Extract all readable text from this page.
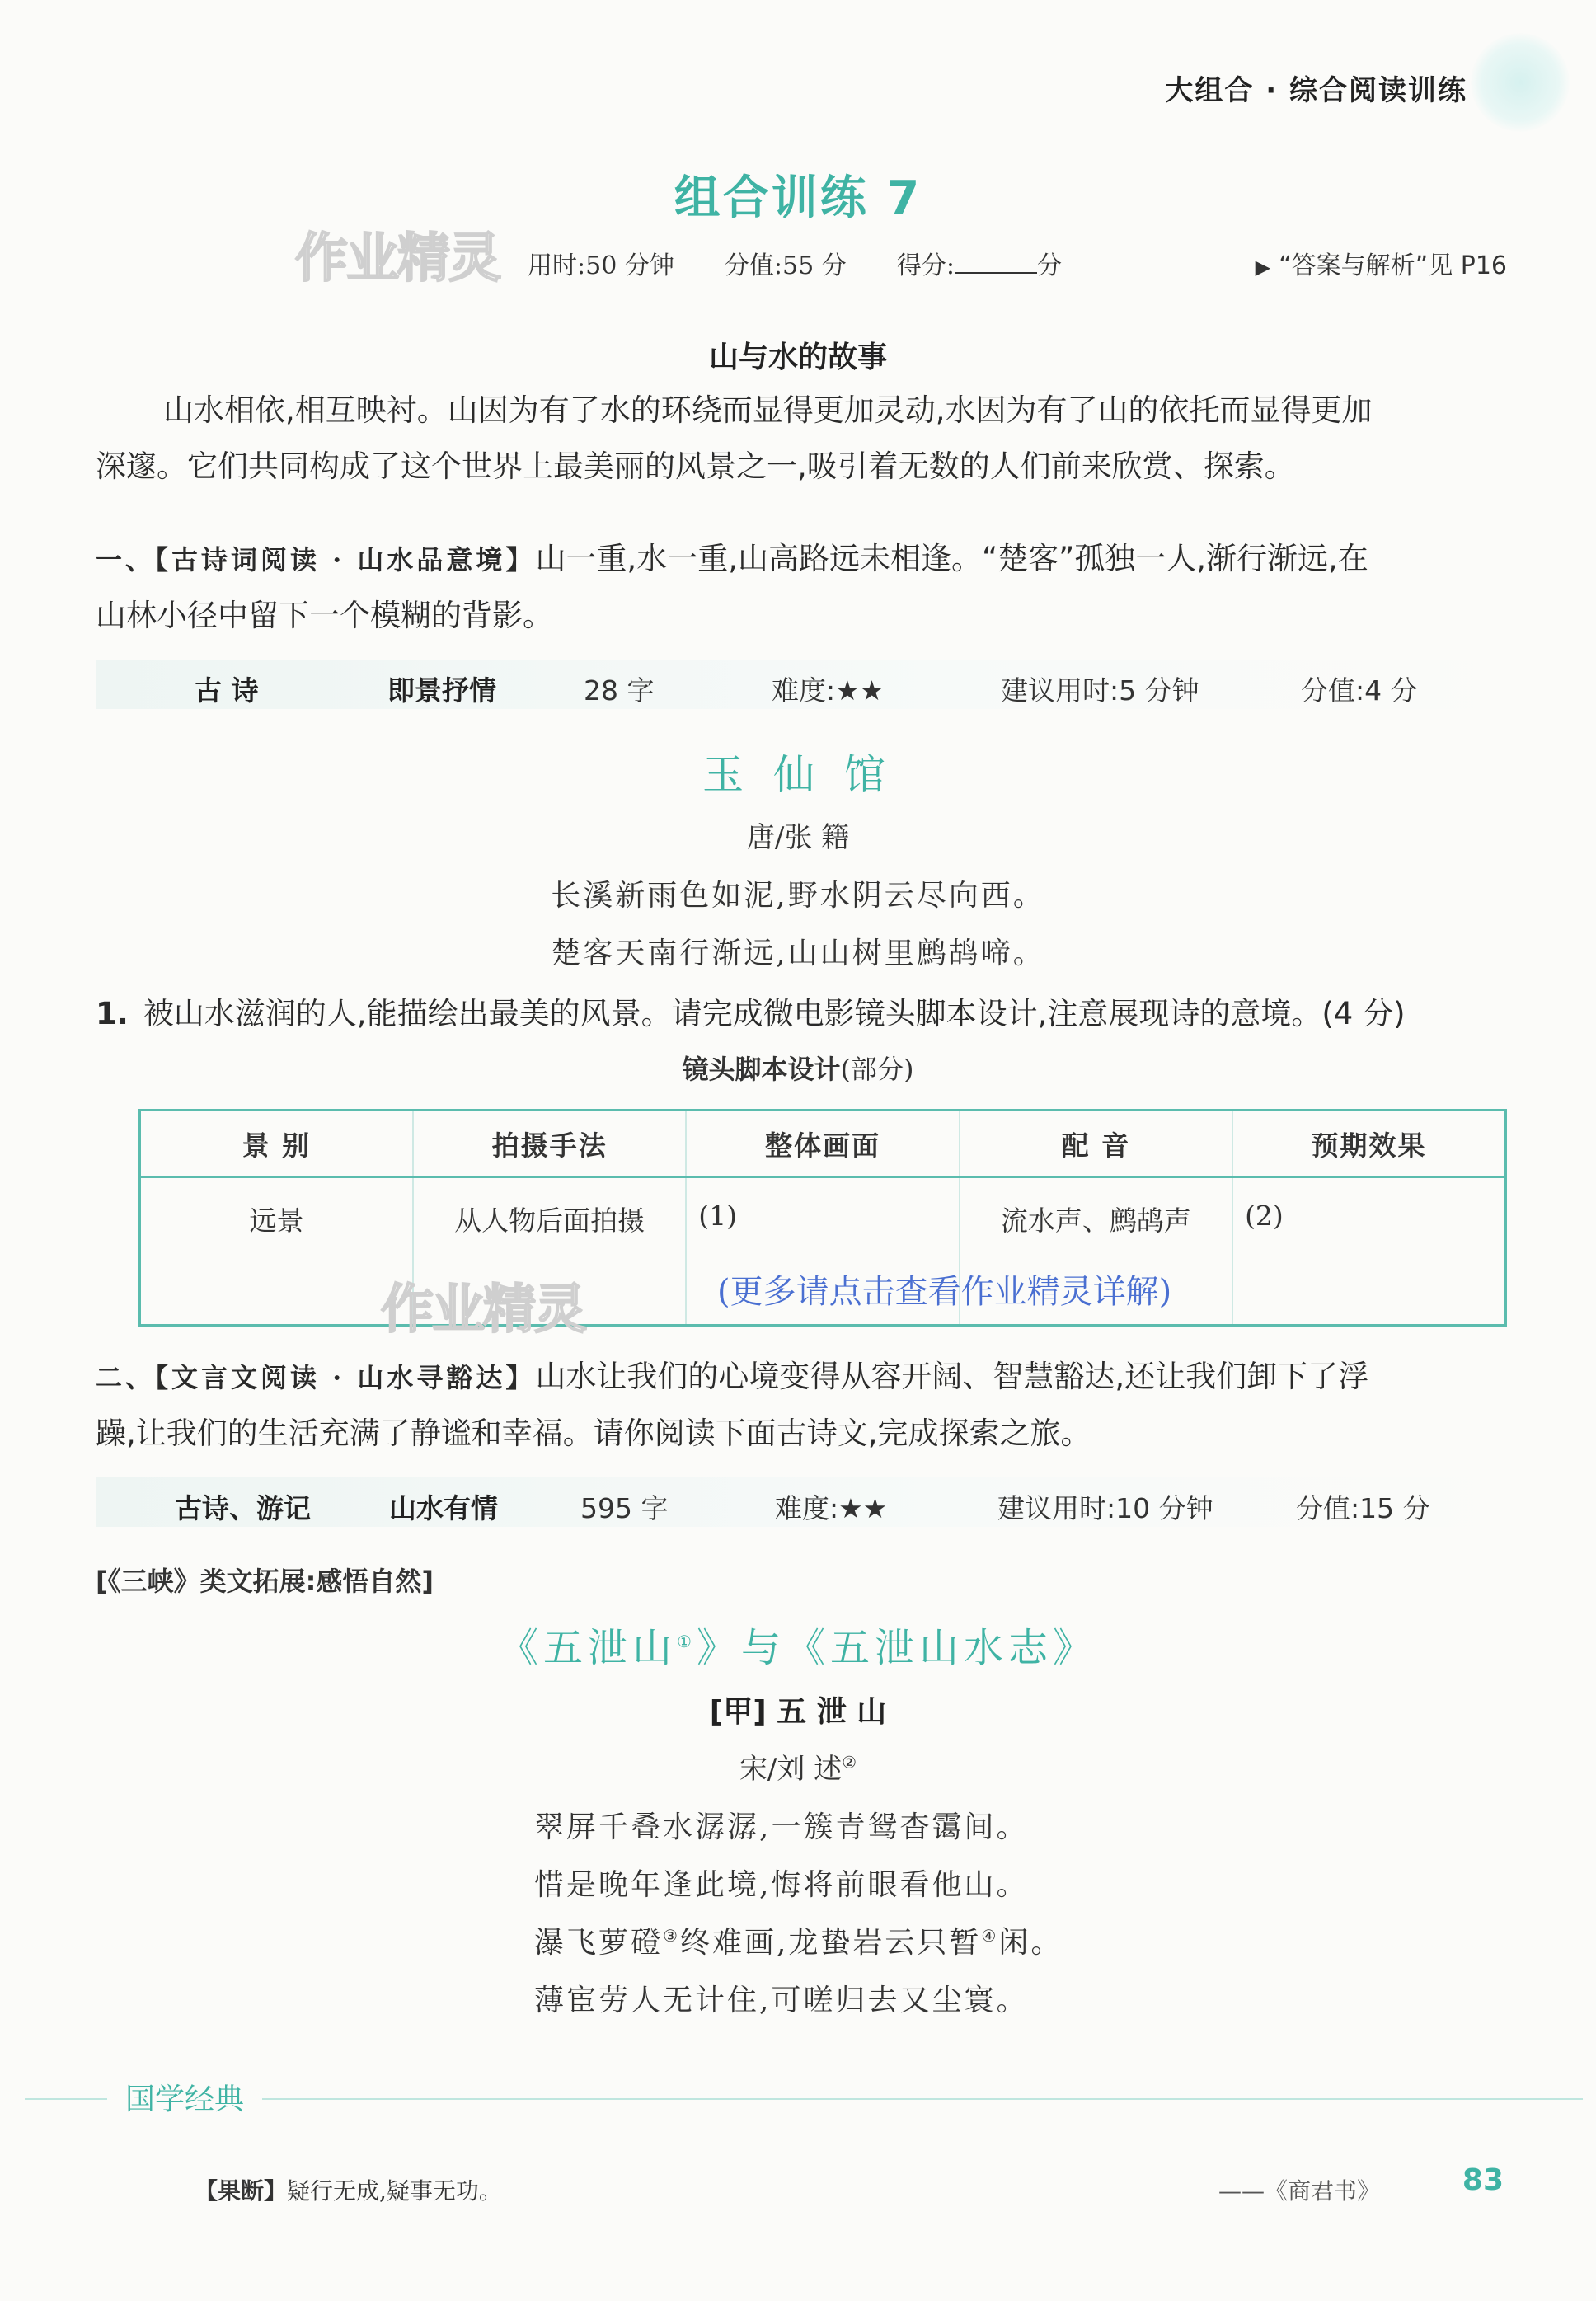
大组合 · 综合阅读训练
组合训练 7
作业精灵 用时:50 分钟 分值:55 分 得分:	分	▶ “答案与解析”见 P16
山与水的故事
山水相依,相互映衬。山因为有了水的环绕而显得更加灵动,水因为有了山的依托而显得更加
深邃。它们共同构成了这个世界上最美丽的风景之一,吸引着无数的人们前来欣赏、探索。
一、【古诗词阅读 · 山水品意境】山一重,水一重,山高路远未相逢。“楚客”孤独一人,渐行渐远,在
山林小径中留下一个模糊的背影。
古 诗	即景抒情	28 字	难度:★★	建议用时:5 分钟	分值:4 分
玉 仙 馆
唐/张 籍
长溪新雨色如泥,野水阴云尽向西。
楚客天南行渐远,山山树里鹧鸪啼。
1. 被山水滋润的人,能描绘出最美的风景。请完成微电影镜头脚本设计,注意展现诗的意境。(4 分)
镜头脚本设计(部分)
景 别	拍摄手法	整体画面	配 音	预期效果
远景	从人物后面拍摄	(1)	流水声、鹧鸪声	(2)
作业精灵	(更多请点击查看作业精灵详解)
二、【文言文阅读 · 山水寻豁达】山水让我们的心境变得从容开阔、智慧豁达,还让我们卸下了浮
躁,让我们的生活充满了静谧和幸福。请你阅读下面古诗文,完成探索之旅。
古诗、游记	山水有情	595 字	难度:★★	建议用时:10 分钟	分值:15 分
[《三峡》类文拓展:感悟自然]
《五泄山①》与《五泄山水志》
[甲] 五 泄 山
宋/刘 述②
翠屏千叠水潺潺,一簇青鸳杳霭间。
惜是晚年逢此境,悔将前眼看他山。
瀑飞萝磴③终难画,龙蛰岩云只暂④闲。
薄宦劳人无计住,可嗟归去又尘寰。
国学经典
【果断】疑行无成,疑事无功。	——《商君书》	83
